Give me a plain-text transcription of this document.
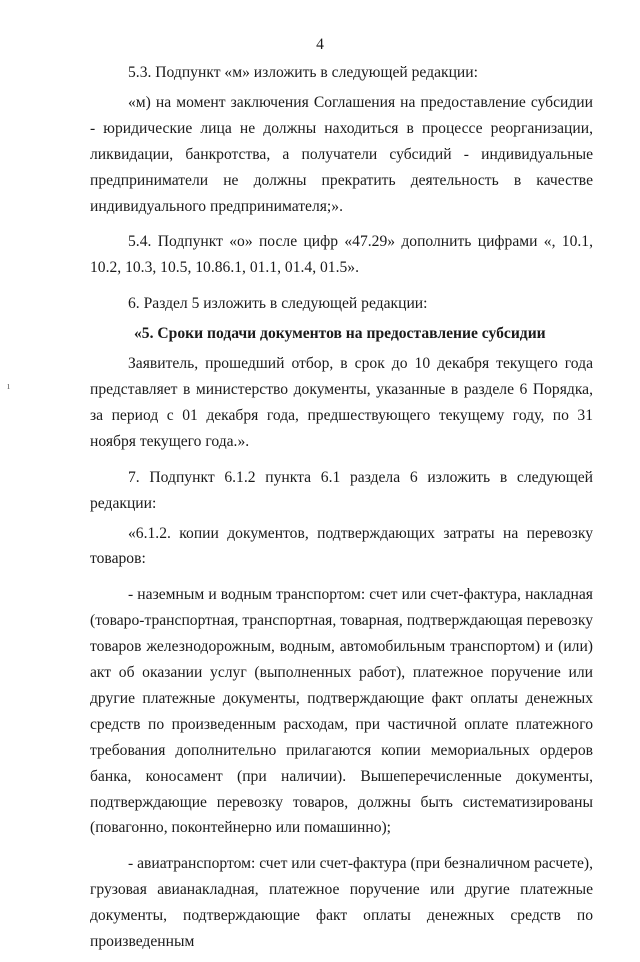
4
ı

5.3. Подпункт «м» изложить в следующей редакции:

«м) на момент заключения Соглашения на предоставление субсидии - юридические лица не должны находиться в процессе реорганизации, ликвидации, банкротства, а получатели субсидий - индивидуальные предприниматели не должны прекратить деятельность в качестве индивидуального предпринимателя;».

5.4. Подпункт «о» после цифр «47.29» дополнить цифрами «, 10.1, 10.2, 10.3, 10.5, 10.86.1, 01.1, 01.4, 01.5».

6. Раздел 5 изложить в следующей редакции:

«5. Сроки подачи документов на предоставление субсидии

Заявитель, прошедший отбор, в срок до 10 декабря текущего года представляет в министерство документы, указанные в разделе 6 Порядка, за период с 01 декабря года, предшествующего текущему году, по 31 ноября текущего года.».

7. Подпункт 6.1.2 пункта 6.1 раздела 6 изложить в следующей редакции:

«6.1.2. копии документов, подтверждающих затраты на перевозку товаров:

- наземным и водным транспортом: счет или счет-фактура, накладная (товаро-транспортная, транспортная, товарная, подтверждающая перевозку товаров железнодорожным, водным, автомобильным транспортом) и (или) акт об оказании услуг (выполненных работ), платежное поручение или другие платежные документы, подтверждающие факт оплаты денежных средств по произведенным расходам, при частичной оплате платежного требования дополнительно прилагаются копии мемориальных ордеров банка, коносамент (при наличии). Вышеперечисленные документы, подтверждающие перевозку товаров, должны быть систематизированы (повагонно, поконтейнерно или помашинно);

- авиатранспортом: счет или счет-фактура (при безналичном расчете), грузовая авианакладная, платежное поручение или другие платежные документы, подтверждающие факт оплаты денежных средств по произведенным
